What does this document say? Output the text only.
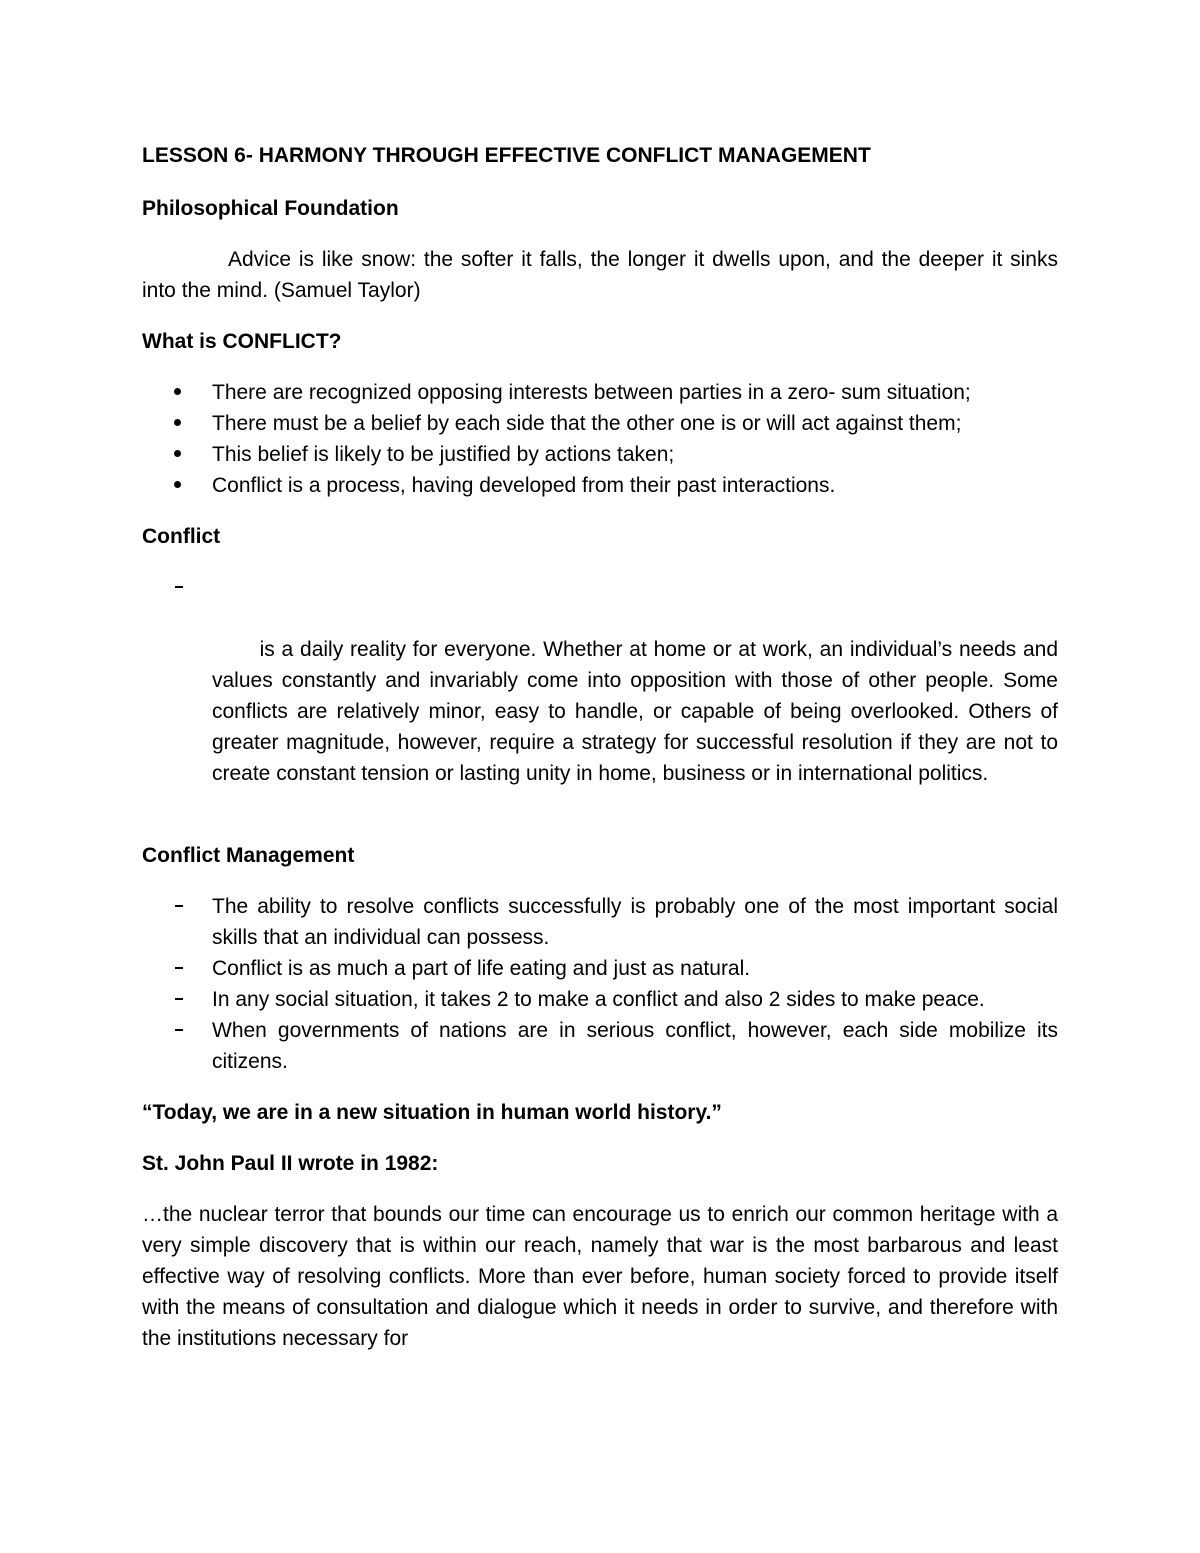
LESSON 6- HARMONY THROUGH EFFECTIVE CONFLICT MANAGEMENT
Philosophical Foundation

Advice is like snow: the softer it falls, the longer it dwells upon, and the deeper it sinks into the mind. (Samuel Taylor)

What is CONFLICT?
There are recognized opposing interests between parties in a zero- sum situation;
There must be a belief by each side that the other one is or will act against them;
This belief is likely to be justified by actions taken;
Conflict is a process, having developed from their past interactions.
Conflict

is a daily reality for everyone. Whether at home or at work, an individual’s needs and values constantly and invariably come into opposition with those of other people. Some conflicts are relatively minor, easy to handle, or capable of being overlooked. Others of greater magnitude, however, require a strategy for successful resolution if they are not to create constant tension or lasting unity in home, business or in international politics.

Conflict Management
The ability to resolve conflicts successfully is probably one of the most important social skills that an individual can possess.
Conflict is as much a part of life eating and just as natural.
In any social situation, it takes 2 to make a conflict and also 2 sides to make peace.
When governments of nations are in serious conflict, however, each side mobilize its citizens.
“Today, we are in a new situation in human world history.”
St. John Paul II wrote in 1982:

…the nuclear terror that bounds our time can encourage us to enrich our common heritage with a very simple discovery that is within our reach, namely that war is the most barbarous and least effective way of resolving conflicts. More than ever before, human society forced to provide itself with the means of consultation and dialogue which it needs in order to survive, and therefore with the institutions necessary for
